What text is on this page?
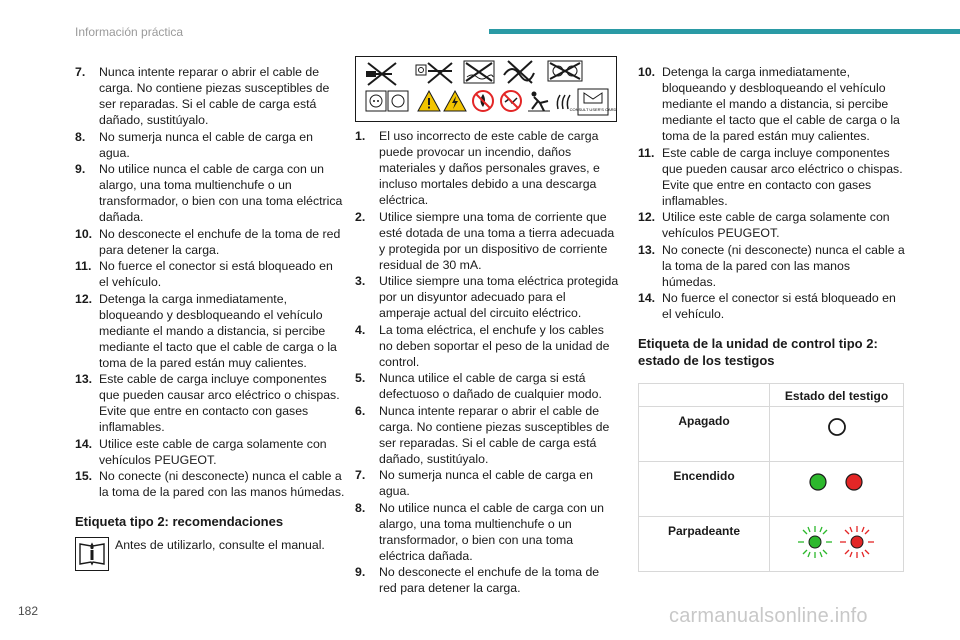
Información práctica
7. Nunca intente reparar o abrir el cable de carga. No contiene piezas susceptibles de ser reparadas. Si el cable de carga está dañado, sustitúyalo.
8. No sumerja nunca el cable de carga en agua.
9. No utilice nunca el cable de carga con un alargo, una toma multienchufe o un transformador, o bien con una toma eléctrica dañada.
10. No desconecte el enchufe de la toma de red para detener la carga.
11. No fuerce el conector si está bloqueado en el vehículo.
12. Detenga la carga inmediatamente, bloqueando y desbloqueando el vehículo mediante el mando a distancia, si percibe mediante el tacto que el cable de carga o la toma de la pared están muy calientes.
13. Este cable de carga incluye componentes que pueden causar arco eléctrico o chispas. Evite que entre en contacto con gases inflamables.
14. Utilice este cable de carga solamente con vehículos PEUGEOT.
15. No conecte (ni desconecte) nunca el cable a la toma de la pared con las manos húmedas.
Etiqueta tipo 2: recomendaciones
Antes de utilizarlo, consulte el manual.
CONSULT USER'S CARD
1. El uso incorrecto de este cable de carga puede provocar un incendio, daños materiales y daños personales graves, e incluso mortales debido a una descarga eléctrica.
2. Utilice siempre una toma de corriente que esté dotada de una toma a tierra adecuada y protegida por un dispositivo de corriente residual de 30 mA.
3. Utilice siempre una toma eléctrica protegida por un disyuntor adecuado para el amperaje actual del circuito eléctrico.
4. La toma eléctrica, el enchufe y los cables no deben soportar el peso de la unidad de control.
5. Nunca utilice el cable de carga si está defectuoso o dañado de cualquier modo.
6. Nunca intente reparar o abrir el cable de carga. No contiene piezas susceptibles de ser reparadas. Si el cable de carga está dañado, sustitúyalo.
7. No sumerja nunca el cable de carga en agua.
8. No utilice nunca el cable de carga con un alargo, una toma multienchufe o un transformador, o bien con una toma eléctrica dañada.
9. No desconecte el enchufe de la toma de red para detener la carga.
10. Detenga la carga inmediatamente, bloqueando y desbloqueando el vehículo mediante el mando a distancia, si percibe mediante el tacto que el cable de carga o la toma de la pared están muy calientes.
11. Este cable de carga incluye componentes que pueden causar arco eléctrico o chispas. Evite que entre en contacto con gases inflamables.
12. Utilice este cable de carga solamente con vehículos PEUGEOT.
13. No conecte (ni desconecte) nunca el cable a la toma de la pared con las manos húmedas.
14. No fuerce el conector si está bloqueado en el vehículo.
Etiqueta de la unidad de control tipo 2: estado de los testigos
	Estado del testigo
Apagado	
Encendido	
Parpadeante	
182	carmanualsonline.info
